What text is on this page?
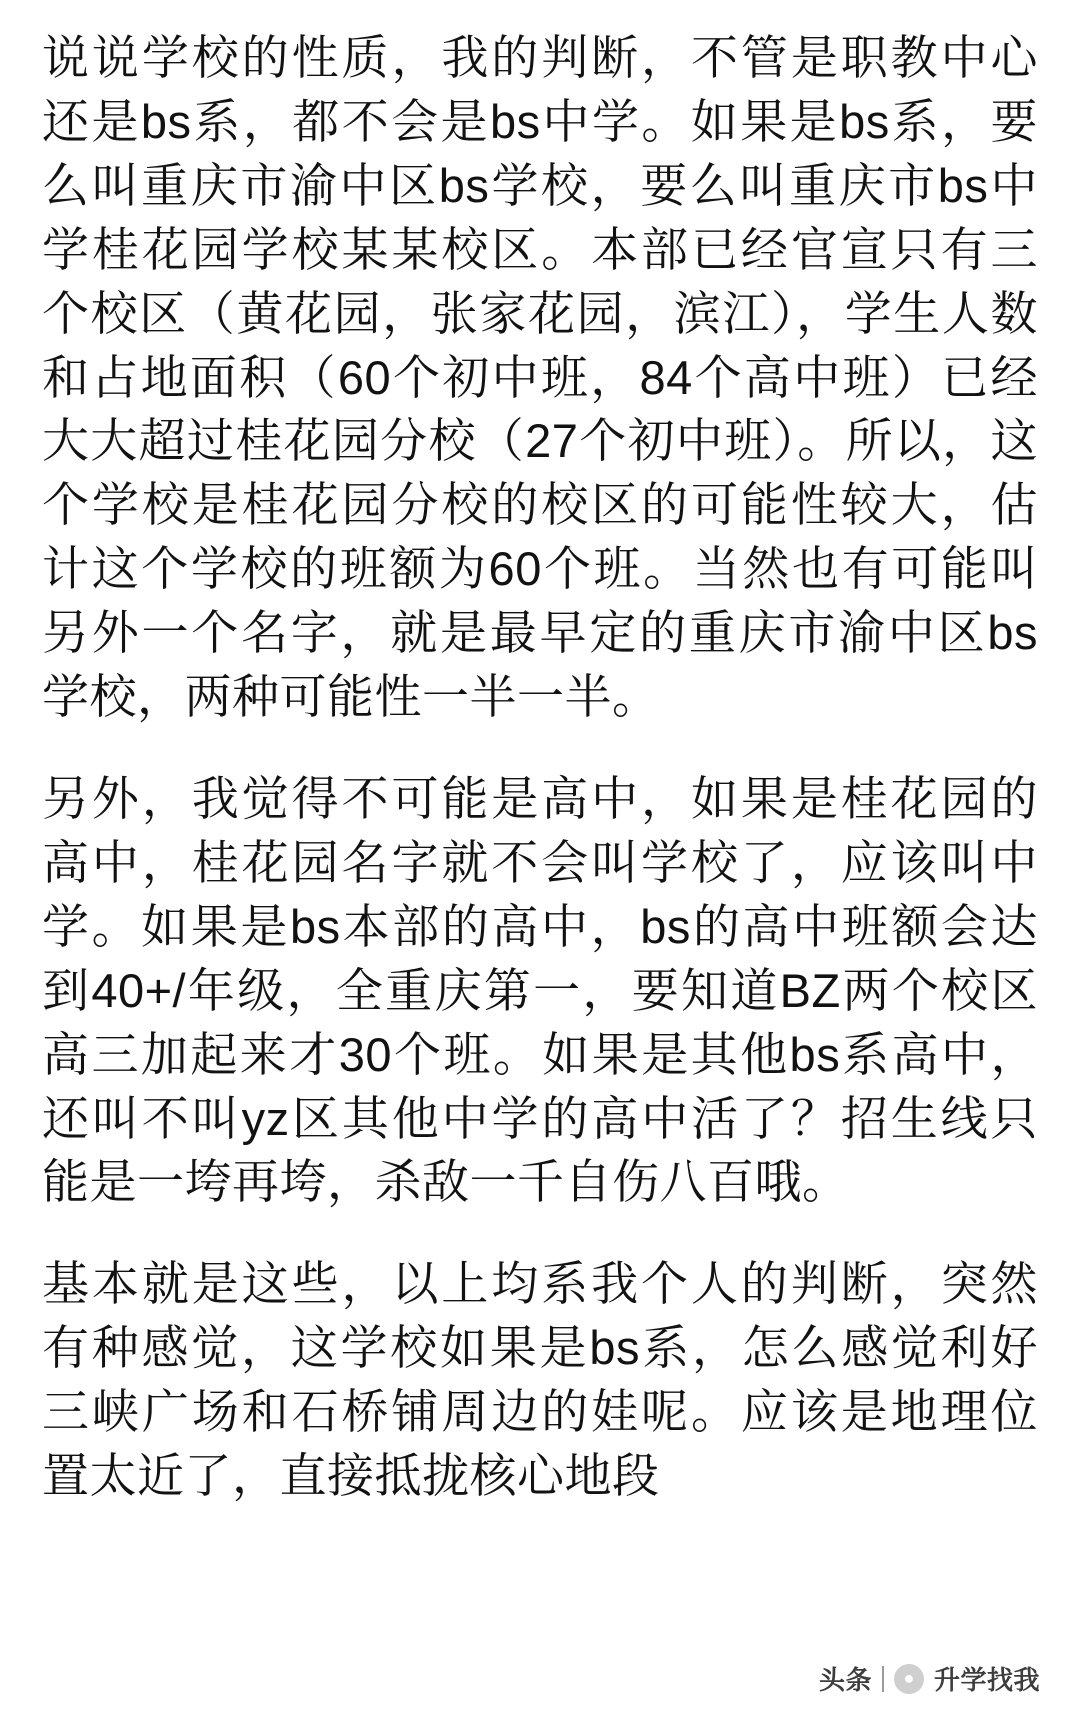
说说学校的性质，我的判断，不管是职教中心还是bs系，都不会是bs中学。如果是bs系，要么叫重庆市渝中区bs学校，要么叫重庆市bs中学桂花园学校某某校区。本部已经官宣只有三个校区（黄花园，张家花园，滨江），学生人数和占地面积（60个初中班，84个高中班）已经大大超过桂花园分校（27个初中班）。所以，这个学校是桂花园分校的校区的可能性较大，估计这个学校的班额为60个班。当然也有可能叫另外一个名字，就是最早定的重庆市渝中区bs学校，两种可能性一半一半。

另外，我觉得不可能是高中，如果是桂花园的高中，桂花园名字就不会叫学校了，应该叫中学。如果是bs本部的高中，bs的高中班额会达到40+/年级，全重庆第一，要知道BZ两个校区高三加起来才30个班。如果是其他bs系高中，还叫不叫yz区其他中学的高中活了？招生线只能是一垮再垮，杀敌一千自伤八百哦。

基本就是这些，以上均系我个人的判断，突然有种感觉，这学校如果是bs系，怎么感觉利好三峡广场和石桥铺周边的娃呢。应该是地理位置太近了，直接抵拢核心地段

头条	● 升学找我
